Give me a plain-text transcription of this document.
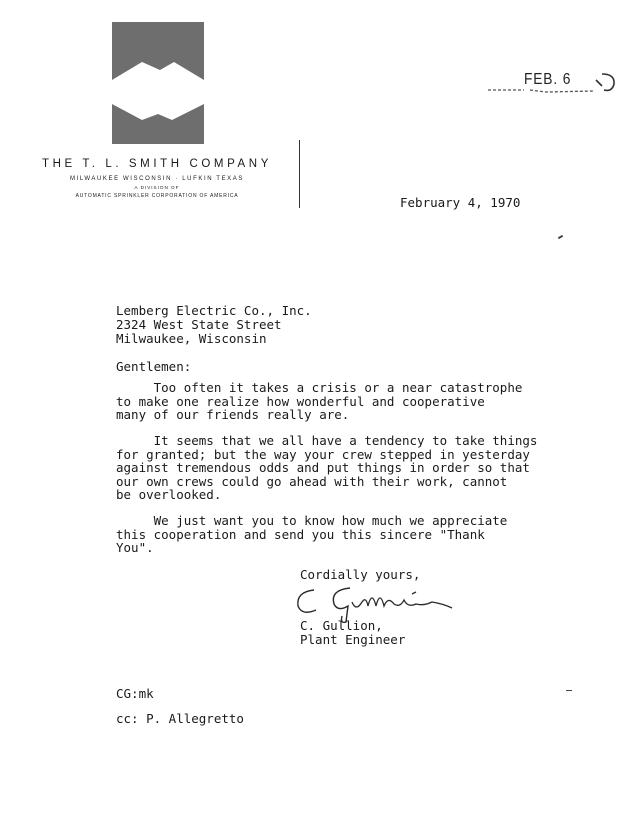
THE T. L. SMITH COMPANY
MILWAUKEE WISCONSIN · LUFKIN TEXAS
A DIVISION OF
AUTOMATIC SPRINKLER CORPORATION OF AMERICA
FEB. 6
February 4, 1970
Lemberg Electric Co., Inc.
2324 West State Street
Milwaukee, Wisconsin
Gentlemen:
Too often it takes a crisis or a near catastrophe
to make one realize how wonderful and cooperative
many of our friends really are.
It seems that we all have a tendency to take things
for granted; but the way your crew stepped in yesterday
against tremendous odds and put things in order so that
our own crews could go ahead with their work, cannot
be overlooked.
We just want you to know how much we appreciate
this cooperation and send you this sincere "Thank
You".
Cordially yours,
C. Gullion,
Plant Engineer
CG:mk
cc: P. Allegretto
